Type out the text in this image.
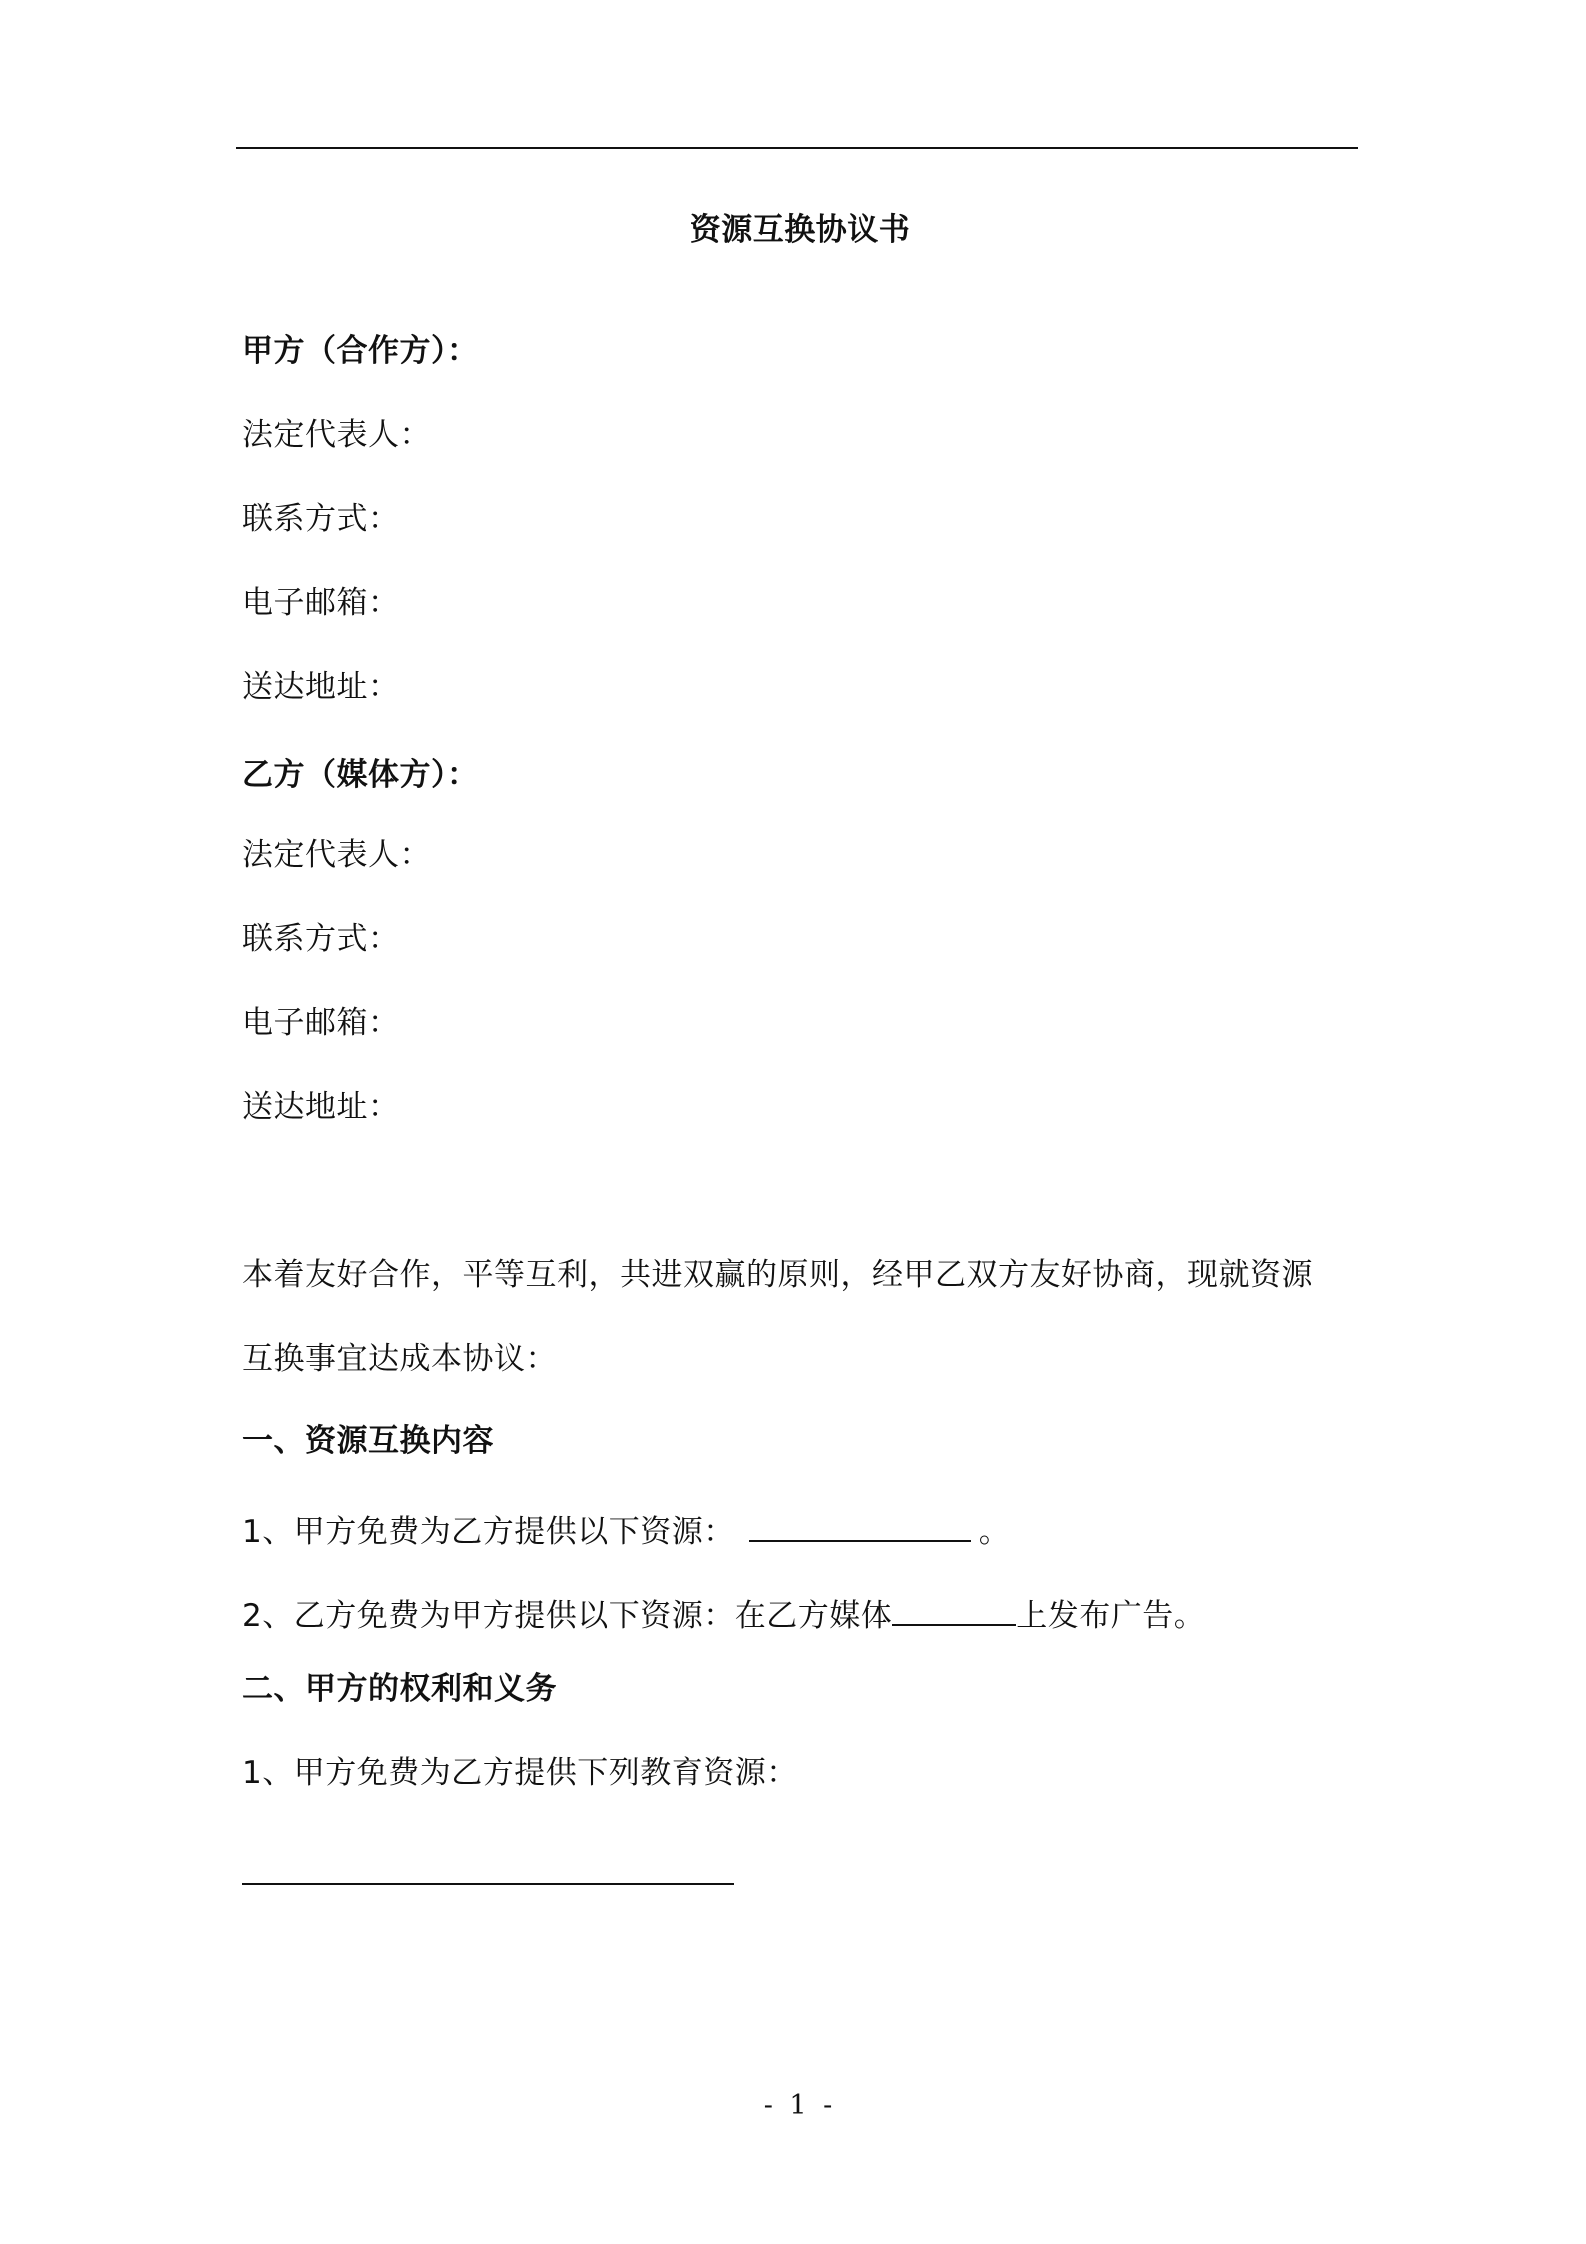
资源互换协议书
甲方（合作方）：
法定代表人：
联系方式：
电子邮箱：
送达地址：
乙方（媒体方）：
法定代表人：
联系方式：
电子邮箱：
送达地址：
本着友好合作，平等互利，共进双赢的原则，经甲乙双方友好协商，现就资源
互换事宜达成本协议：
一、资源互换内容
1、甲方免费为乙方提供以下资源：	。
2、乙方免费为甲方提供以下资源：在乙方媒体	上发布广告。
二、甲方的权利和义务
1、甲方免费为乙方提供下列教育资源：
- 1 -
